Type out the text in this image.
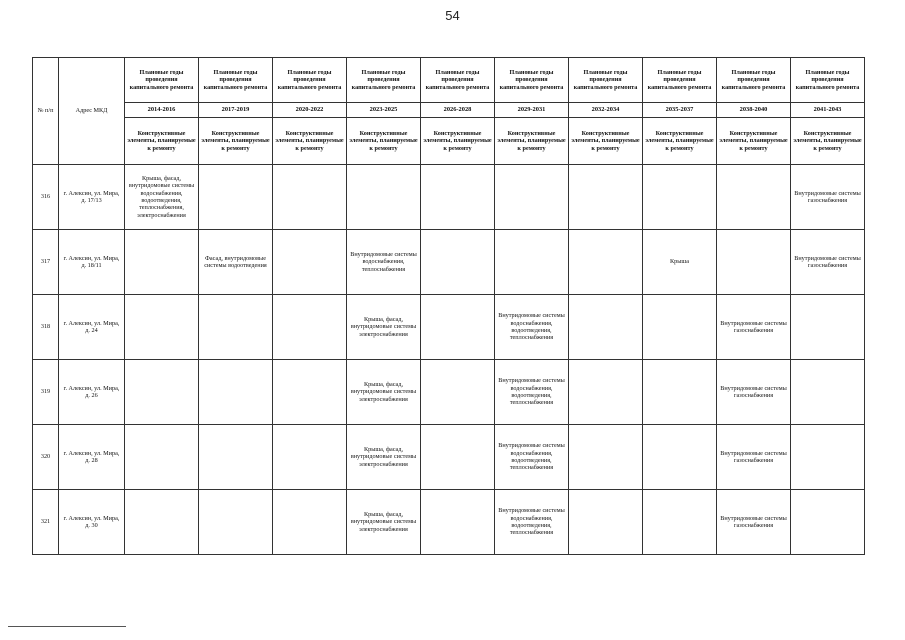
54
№ п/п	Адрес МКД	Плановые годы проведения капитального ремонта	Плановые годы проведения капитального ремонта	Плановые годы проведения капитального ремонта	Плановые годы проведения капитального ремонта	Плановые годы проведения капитального ремонта	Плановые годы проведения капитального ремонта	Плановые годы проведения капитального ремонта	Плановые годы проведения капитального ремонта	Плановые годы проведения капитального ремонта	Плановые годы проведения капитального ремонта
		2014-2016	2017-2019	2020-2022	2023-2025	2026-2028	2029-2031	2032-2034	2035-2037	2038-2040	2041-2043
		Конструктивные элементы, планируемые к ремонту	Конструктивные элементы, планируемые к ремонту	Конструктивные элементы, планируемые к ремонту	Конструктивные элементы, планируемые к ремонту	Конструктивные элементы, планируемые к ремонту	Конструктивные элементы, планируемые к ремонту	Конструктивные элементы, планируемые к ремонту	Конструктивные элементы, планируемые к ремонту	Конструктивные элементы, планируемые к ремонту	Конструктивные элементы, планируемые к ремонту
316	г. Алексин, ул. Мира, д. 17/13	Крыша, фасад, внутридомовые системы водоснабжения, водоотведения, теплоснабжения, электроснабжения									Внутридомовые системы газоснабжения
317	г. Алексин, ул. Мира, д. 18/11		Фасад, внутридомовые системы водоотведения		Внутридомовые системы водоснабжения, теплоснабжения				Крыша		Внутридомовые системы газоснабжения
318	г. Алексин, ул. Мира, д. 24				Крыша, фасад, внутридомовые системы электроснабжения		Внутридомовые системы водоснабжения, водоотведения, теплоснабжения			Внутридомовые системы газоснабжения	
319	г. Алексин, ул. Мира, д. 26				Крыша, фасад, внутридомовые системы электроснабжения		Внутридомовые системы водоснабжения, водоотведения, теплоснабжения			Внутридомовые системы газоснабжения	
320	г. Алексин, ул. Мира, д. 28				Крыша, фасад, внутридомовые системы электроснабжения		Внутридомовые системы водоснабжения, водоотведения, теплоснабжения			Внутридомовые системы газоснабжения	
321	г. Алексин, ул. Мира, д. 30				Крыша, фасад, внутридомовые системы электроснабжения		Внутридомовые системы водоснабжения, водоотведения, теплоснабжения			Внутридомовые системы газоснабжения	
